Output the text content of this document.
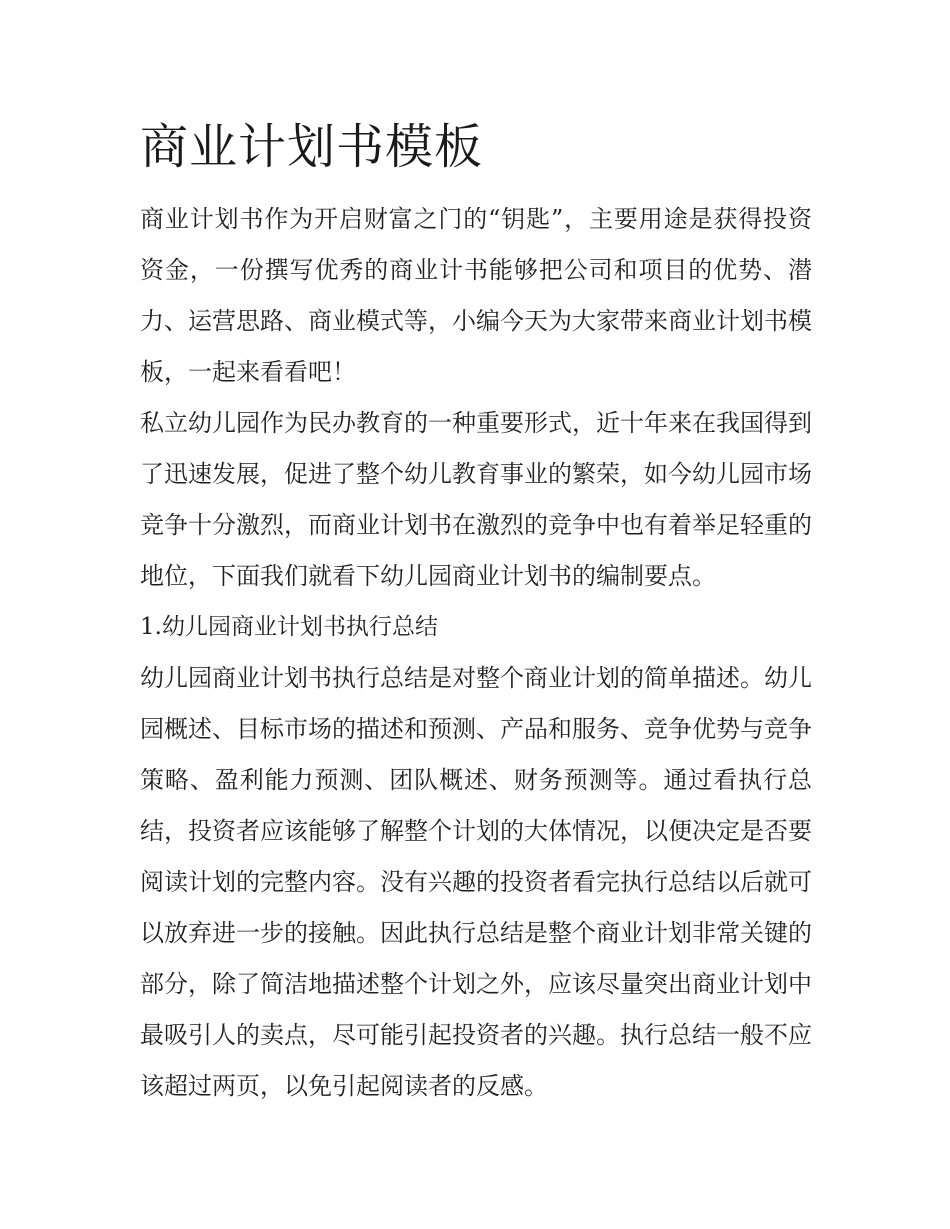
商业计划书模板

商业计划书作为开启财富之门的“钥匙”，主要用途是获得投资资金，一份撰写优秀的商业计书能够把公司和项目的优势、潜力、运营思路、商业模式等，小编今天为大家带来商业计划书模板，一起来看看吧！

私立幼儿园作为民办教育的一种重要形式，近十年来在我国得到了迅速发展，促进了整个幼儿教育事业的繁荣，如今幼儿园市场竞争十分激烈，而商业计划书在激烈的竞争中也有着举足轻重的地位，下面我们就看下幼儿园商业计划书的编制要点。

1.幼儿园商业计划书执行总结

幼儿园商业计划书执行总结是对整个商业计划的简单描述。幼儿园概述、目标市场的描述和预测、产品和服务、竞争优势与竞争策略、盈利能力预测、团队概述、财务预测等。通过看执行总结，投资者应该能够了解整个计划的大体情况，以便决定是否要阅读计划的完整内容。没有兴趣的投资者看完执行总结以后就可以放弃进一步的接触。因此执行总结是整个商业计划非常关键的部分，除了简洁地描述整个计划之外，应该尽量突出商业计划中最吸引人的卖点，尽可能引起投资者的兴趣。执行总结一般不应该超过两页，以免引起阅读者的反感。
